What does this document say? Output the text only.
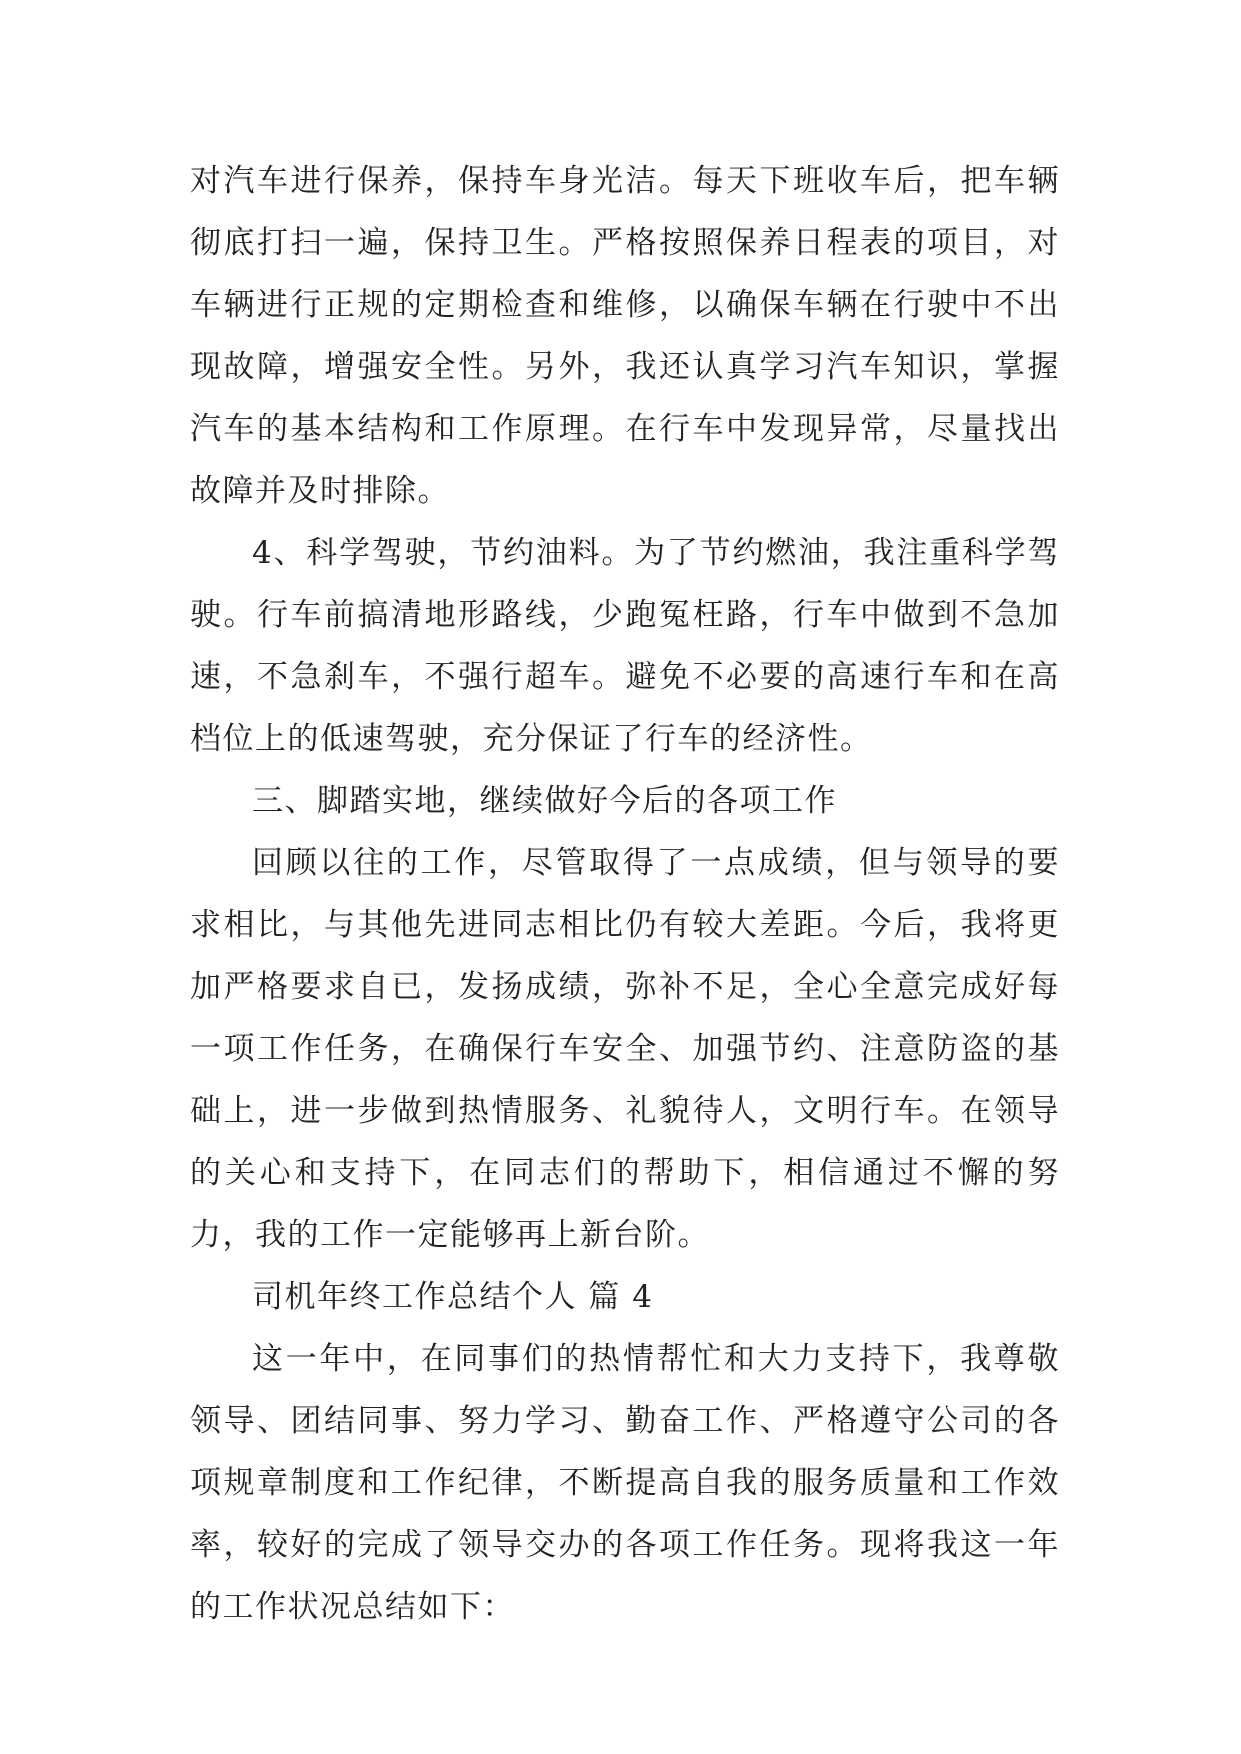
对汽车进行保养，保持车身光洁。每天下班收车后，把车辆彻底打扫一遍，保持卫生。严格按照保养日程表的项目，对车辆进行正规的定期检查和维修，以确保车辆在行驶中不出现故障，增强安全性。另外，我还认真学习汽车知识，掌握汽车的基本结构和工作原理。在行车中发现异常，尽量找出故障并及时排除。

4、科学驾驶，节约油料。为了节约燃油，我注重科学驾驶。行车前搞清地形路线，少跑冤枉路，行车中做到不急加速，不急刹车，不强行超车。避免不必要的高速行车和在高档位上的低速驾驶，充分保证了行车的经济性。

三、脚踏实地，继续做好今后的各项工作

回顾以往的工作，尽管取得了一点成绩，但与领导的要求相比，与其他先进同志相比仍有较大差距。今后，我将更加严格要求自已，发扬成绩，弥补不足，全心全意完成好每一项工作任务，在确保行车安全、加强节约、注意防盗的基础上，进一步做到热情服务、礼貌待人，文明行车。在领导的关心和支持下，在同志们的帮助下，相信通过不懈的努力，我的工作一定能够再上新台阶。

司机年终工作总结个人 篇 4

这一年中，在同事们的热情帮忙和大力支持下，我尊敬领导、团结同事、努力学习、勤奋工作、严格遵守公司的各项规章制度和工作纪律，不断提高自我的服务质量和工作效率，较好的完成了领导交办的各项工作任务。现将我这一年的工作状况总结如下：
